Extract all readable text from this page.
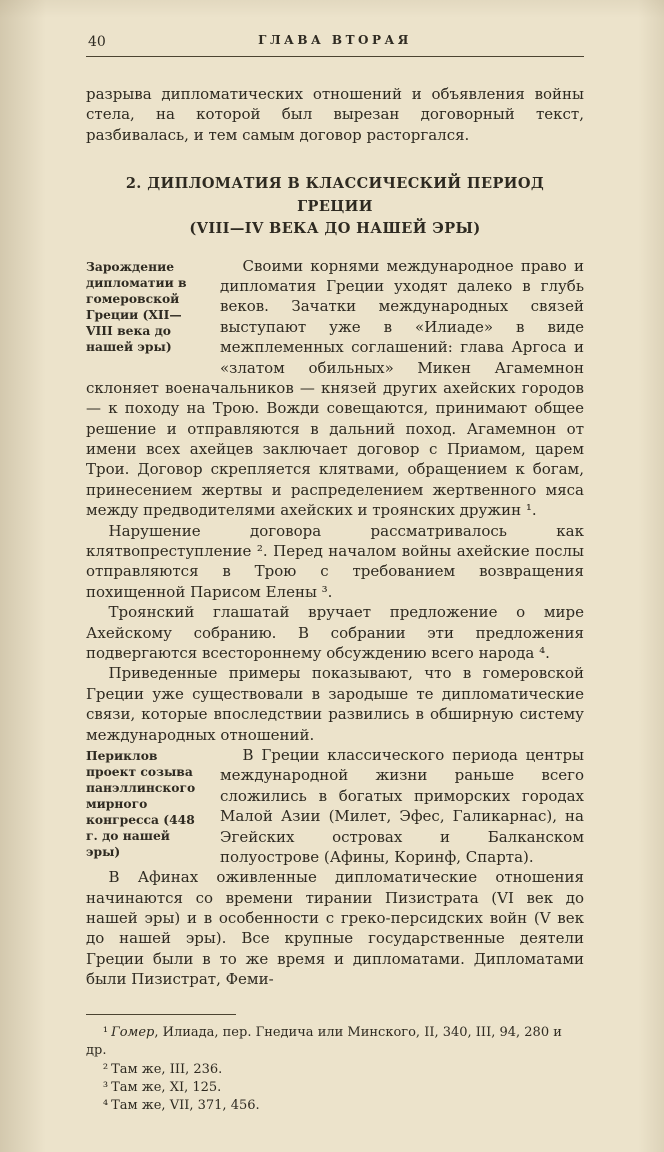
40	ГЛАВА ВТОРАЯ

разрыва дипломатических отношений и объявления войны стела, на которой был вырезан договорный текст, разбивалась, и тем самым договор расторгался.

2. ДИПЛОМАТИЯ В КЛАССИЧЕСКИЙ ПЕРИОД ГРЕЦИИ
(VIII—IV ВЕКА ДО НАШЕЙ ЭРЫ)

Зарождение дипломатии в гомеровской Греции (XII—VIII века до нашей эры)
Своими корнями международное право и дипломатия Греции уходят далеко в глубь веков. Зачатки международных связей выступают уже в «Илиаде» в виде межплеменных соглашений: глава Аргоса и «златом обильных» Микен Агамемнон склоняет военачальников — князей других ахейских городов — к походу на Трою. Вожди совещаются, принимают общее решение и отправляются в дальний поход. Агамемнон от имени всех ахейцев заключает договор с Приамом, царем Трои. Договор скрепляется клятвами, обращением к богам, принесением жертвы и распределением жертвенного мяса между предводителями ахейских и троянских дружин ¹.

Нарушение договора рассматривалось как клятвопреступление ². Перед началом войны ахейские послы отправляются в Трою с требованием возвращения похищенной Парисом Елены ³.

Троянский глашатай вручает предложение о мире Ахейскому собранию. В собрании эти предложения подвергаются всестороннему обсуждению всего народа ⁴.

Приведенные примеры показывают, что в гомеровской Греции уже существовали в зародыше те дипломатические связи, которые впоследствии развились в обширную систему международных отношений.

Периклов проект созыва панэллинского мирного конгресса (448 г. до нашей эры)
В Греции классического периода центры международной жизни раньше всего сложились в богатых приморских городах Малой Азии (Милет, Эфес, Галикарнас), на Эгейских островах и Балканском полуострове (Афины, Коринф, Спарта).

В Афинах оживленные дипломатические отношения начинаются со времени тирании Пизистрата (VI век до нашей эры) и в особенности с греко-персидских войн (V век до нашей эры). Все крупные государственные деятели Греции были в то же время и дипломатами. Дипломатами были Пизистрат, Феми-

¹ Гомер, Илиада, пер. Гнедича или Минского, II, 340, III, 94, 280 и др.
² Там же, III, 236.
³ Там же, XI, 125.
⁴ Там же, VII, 371, 456.
